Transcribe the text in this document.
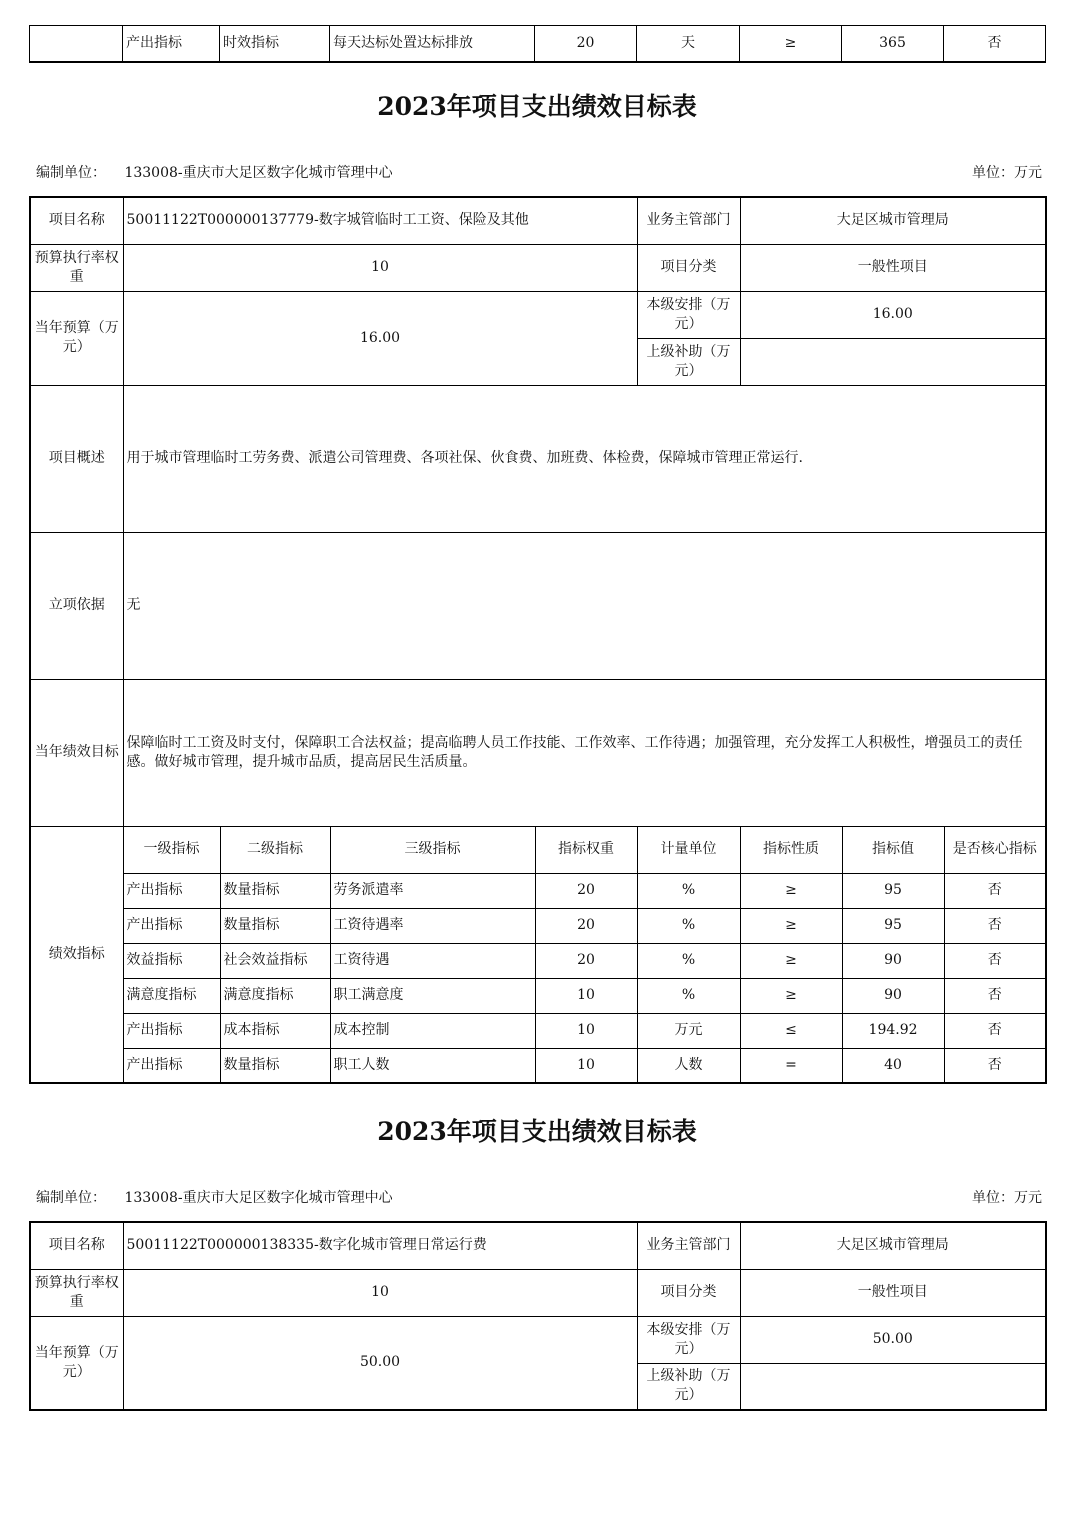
	产出指标	时效指标	每天达标处置达标排放	20	天	≥	365	否
2023年项目支出绩效目标表
编制单位： 133008-重庆市大足区数字化城市管理中心	单位：万元
项目名称	50011122T000000137779-数字城管临时工工资、保险及其他				业务主管部门	大足区城市管理局		
预算执行率权重	10				项目分类	一般性项目		
当年预算（万元）	16.00				本级安排（万元）	16.00		
					上级补助（万元）			
项目概述	用于城市管理临时工劳务费、派遣公司管理费、各项社保、伙食费、加班费、体检费，保障城市管理正常运行.							
立项依据	无							
当年绩效目标	保障临时工工资及时支付，保障职工合法权益；提高临聘人员工作技能、工作效率、工作待遇；加强管理，充分发挥工人积极性，增强员工的责任感。做好城市管理，提升城市品质，提高居民生活质量。							
绩效指标	一级指标	二级指标	三级指标	指标权重	计量单位	指标性质	指标值	是否核心指标
	产出指标	数量指标	劳务派遣率	20	%	≥	95	否
	产出指标	数量指标	工资待遇率	20	%	≥	95	否
	效益指标	社会效益指标	工资待遇	20	%	≥	90	否
	满意度指标	满意度指标	职工满意度	10	%	≥	90	否
	产出指标	成本指标	成本控制	10	万元	≤	194.92	否
	产出指标	数量指标	职工人数	10	人数	=	40	否
2023年项目支出绩效目标表
编制单位： 133008-重庆市大足区数字化城市管理中心	单位：万元
项目名称	50011122T000000138335-数字化城市管理日常运行费	业务主管部门	大足区城市管理局
预算执行率权重	10	项目分类	一般性项目
当年预算（万元）	50.00	本级安排（万元）	50.00
		上级补助（万元）	
